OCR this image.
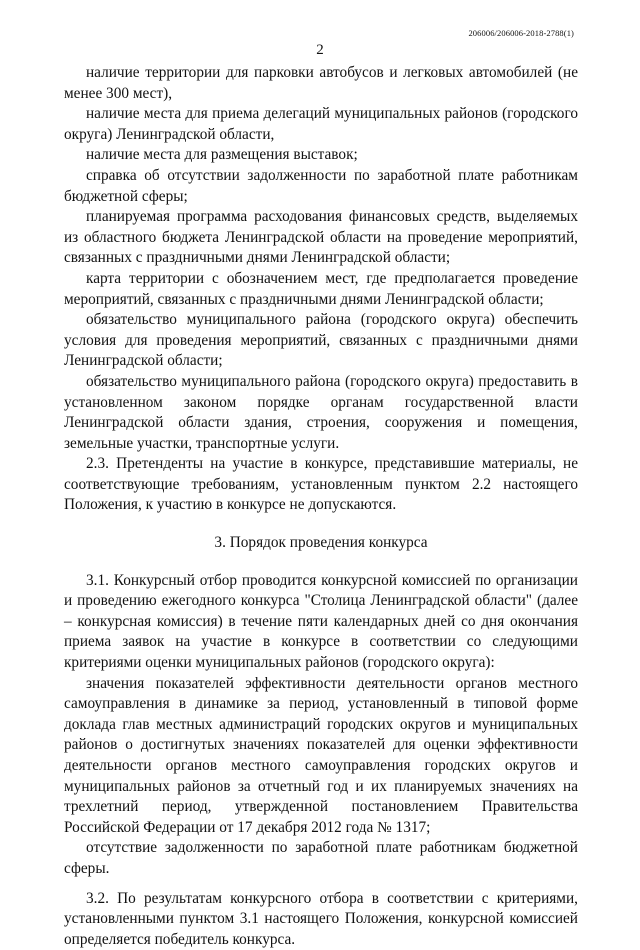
206006/206006-2018-2788(1)
2

наличие территории для парковки автобусов и легковых автомобилей (не менее 300 мест),

наличие места для приема делегаций муниципальных районов (городского округа) Ленинградской области,

наличие места для размещения выставок;

справка об отсутствии задолженности по заработной плате работникам бюджетной сферы;

планируемая программа расходования финансовых средств, выделяемых из областного бюджета Ленинградской области на проведение мероприятий, связанных с праздничными днями Ленинградской области;

карта территории с обозначением мест, где предполагается проведение мероприятий, связанных с праздничными днями Ленинградской области;

обязательство муниципального района (городского округа) обеспечить условия для проведения мероприятий, связанных с праздничными днями Ленинградской области;

обязательство муниципального района (городского округа) предоставить в установленном законом порядке органам государственной власти Ленинградской области здания, строения, сооружения и помещения, земельные участки, транспортные услуги.

2.3. Претенденты на участие в конкурсе, представившие материалы, не соответствующие требованиям, установленным пунктом 2.2 настоящего Положения, к участию в конкурсе не допускаются.

3. Порядок проведения конкурса

3.1. Конкурсный отбор проводится конкурсной комиссией по организации и проведению ежегодного конкурса "Столица Ленинградской области" (далее – конкурсная комиссия) в течение пяти календарных дней со дня окончания приема заявок на участие в конкурсе в соответствии со следующими критериями оценки муниципальных районов (городского округа):

значения показателей эффективности деятельности органов местного самоуправления в динамике за период, установленный в типовой форме доклада глав местных администраций городских округов и муниципальных районов о достигнутых значениях показателей для оценки эффективности деятельности органов местного самоуправления городских округов и муниципальных районов за отчетный год и их планируемых значениях на трехлетний период, утвержденной постановлением Правительства Российской Федерации от 17 декабря 2012 года № 1317;

отсутствие задолженности по заработной плате работникам бюджетной сферы.

3.2. По результатам конкурсного отбора в соответствии с критериями, установленными пунктом 3.1 настоящего Положения, конкурсной комиссией определяется победитель конкурса.
